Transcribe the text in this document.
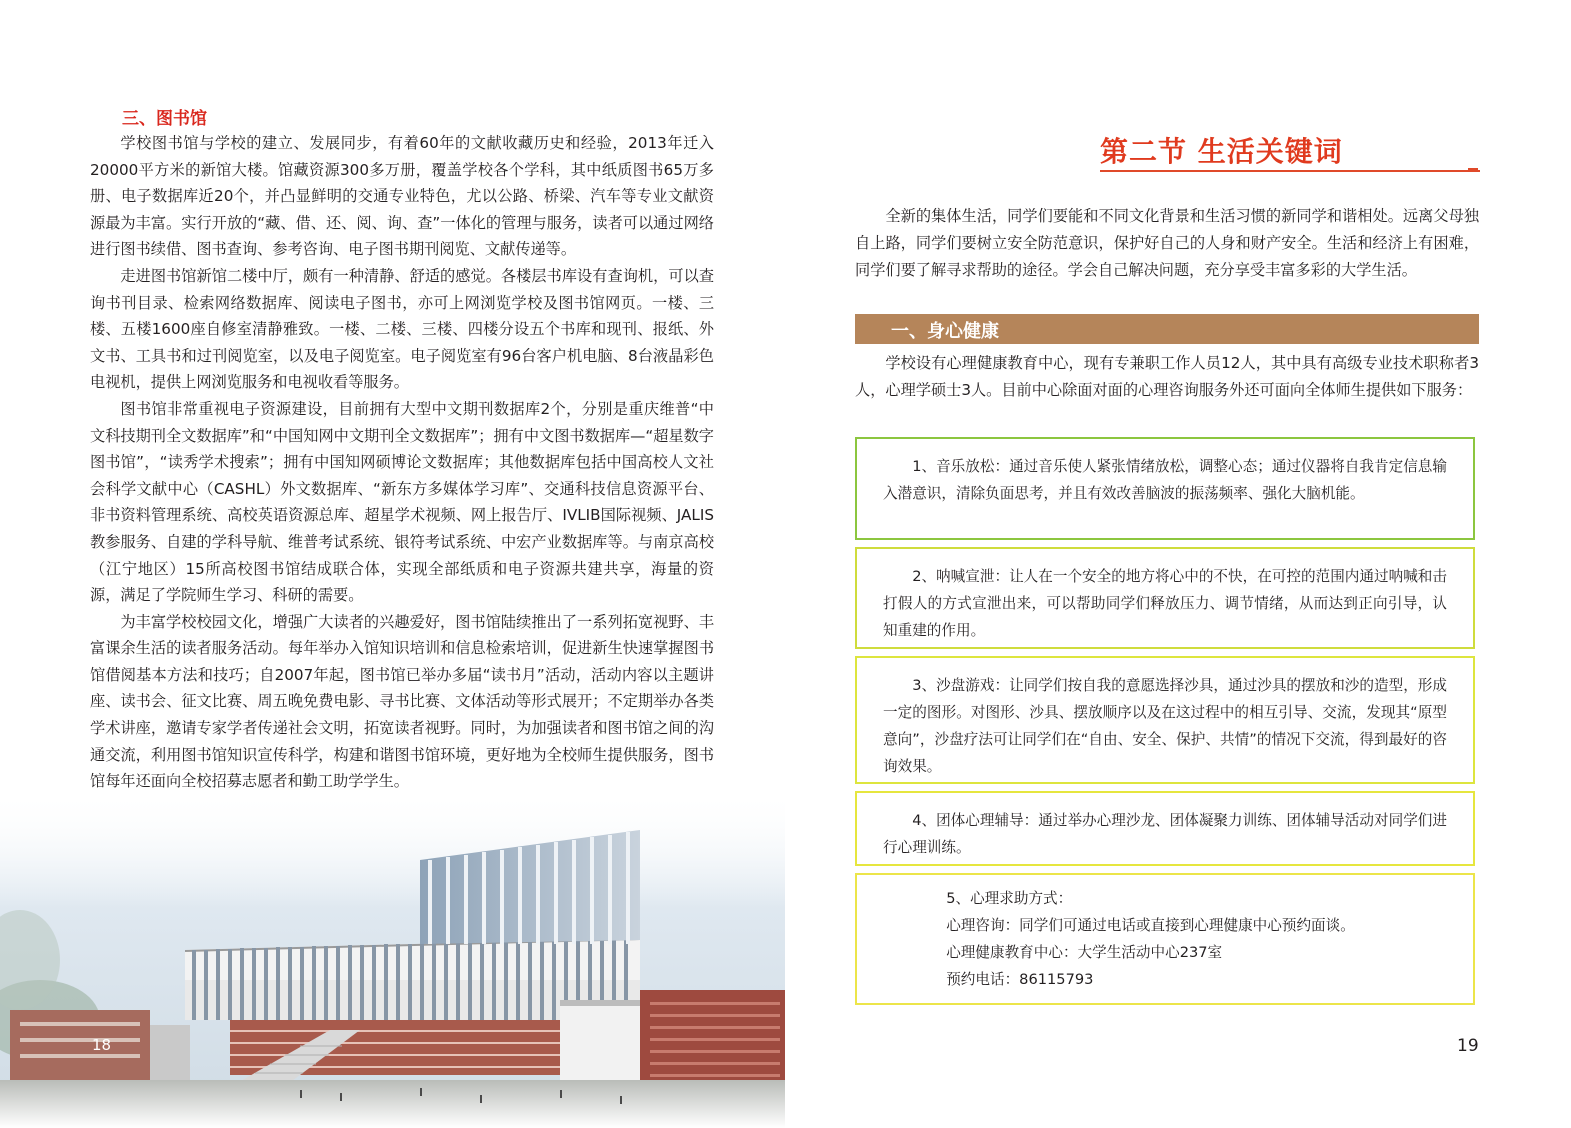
三、图书馆

学校图书馆与学校的建立、发展同步，有着60年的文献收藏历史和经验，2013年迁入20000平方米的新馆大楼。馆藏资源300多万册，覆盖学校各个学科，其中纸质图书65万多册、电子数据库近20个，并凸显鲜明的交通专业特色，尤以公路、桥梁、汽车等专业文献资源最为丰富。实行开放的“藏、借、还、阅、询、查”一体化的管理与服务，读者可以通过网络进行图书续借、图书查询、参考咨询、电子图书期刊阅览、文献传递等。

走进图书馆新馆二楼中厅，颇有一种清静、舒适的感觉。各楼层书库设有查询机，可以查询书刊目录、检索网络数据库、阅读电子图书，亦可上网浏览学校及图书馆网页。一楼、三楼、五楼1600座自修室清静雅致。一楼、二楼、三楼、四楼分设五个书库和现刊、报纸、外文书、工具书和过刊阅览室，以及电子阅览室。电子阅览室有96台客户机电脑、8台液晶彩色电视机，提供上网浏览服务和电视收看等服务。

图书馆非常重视电子资源建设，目前拥有大型中文期刊数据库2个，分别是重庆维普“中文科技期刊全文数据库”和“中国知网中文期刊全文数据库”；拥有中文图书数据库—“超星数字图书馆”，“读秀学术搜索”；拥有中国知网硕博论文数据库；其他数据库包括中国高校人文社会科学文献中心（CASHL）外文数据库、“新东方多媒体学习库”、交通科技信息资源平台、非书资料管理系统、高校英语资源总库、超星学术视频、网上报告厅、IVLIB国际视频、JALIS教参服务、自建的学科导航、维普考试系统、银符考试系统、中宏产业数据库等。与南京高校（江宁地区）15所高校图书馆结成联合体，实现全部纸质和电子资源共建共享，海量的资源，满足了学院师生学习、科研的需要。

为丰富学校校园文化，增强广大读者的兴趣爱好，图书馆陆续推出了一系列拓宽视野、丰富课余生活的读者服务活动。每年举办入馆知识培训和信息检索培训，促进新生快速掌握图书馆借阅基本方法和技巧；自2007年起，图书馆已举办多届“读书月”活动，活动内容以主题讲座、读书会、征文比赛、周五晚免费电影、寻书比赛、文体活动等形式展开；不定期举办各类学术讲座，邀请专家学者传递社会文明，拓宽读者视野。同时，为加强读者和图书馆之间的沟通交流，利用图书馆知识宣传科学，构建和谐图书馆环境，更好地为全校师生提供服务，图书馆每年还面向全校招募志愿者和勤工助学学生。

18
第二节 生活关键词

全新的集体生活，同学们要能和不同文化背景和生活习惯的新同学和谐相处。远离父母独自上路，同学们要树立安全防范意识，保护好自己的人身和财产安全。生活和经济上有困难，同学们要了解寻求帮助的途径。学会自己解决问题，充分享受丰富多彩的大学生活。

一、身心健康

学校设有心理健康教育中心，现有专兼职工作人员12人，其中具有高级专业技术职称者3人，心理学硕士3人。目前中心除面对面的心理咨询服务外还可面向全体师生提供如下服务：

1、音乐放松：通过音乐使人紧张情绪放松，调整心态；通过仪器将自我肯定信息输入潜意识，清除负面思考，并且有效改善脑波的振荡频率、强化大脑机能。

2、呐喊宣泄：让人在一个安全的地方将心中的不快，在可控的范围内通过呐喊和击打假人的方式宣泄出来，可以帮助同学们释放压力、调节情绪，从而达到正向引导，认知重建的作用。

3、沙盘游戏：让同学们按自我的意愿选择沙具，通过沙具的摆放和沙的造型，形成一定的图形。对图形、沙具、摆放顺序以及在这过程中的相互引导、交流，发现其“原型意向”，沙盘疗法可让同学们在“自由、安全、保护、共情”的情况下交流，得到最好的咨询效果。

4、团体心理辅导：通过举办心理沙龙、团体凝聚力训练、团体辅导活动对同学们进行心理训练。

5、心理求助方式：

心理咨询：同学们可通过电话或直接到心理健康中心预约面谈。

心理健康教育中心：大学生活动中心237室

预约电话：86115793

19
